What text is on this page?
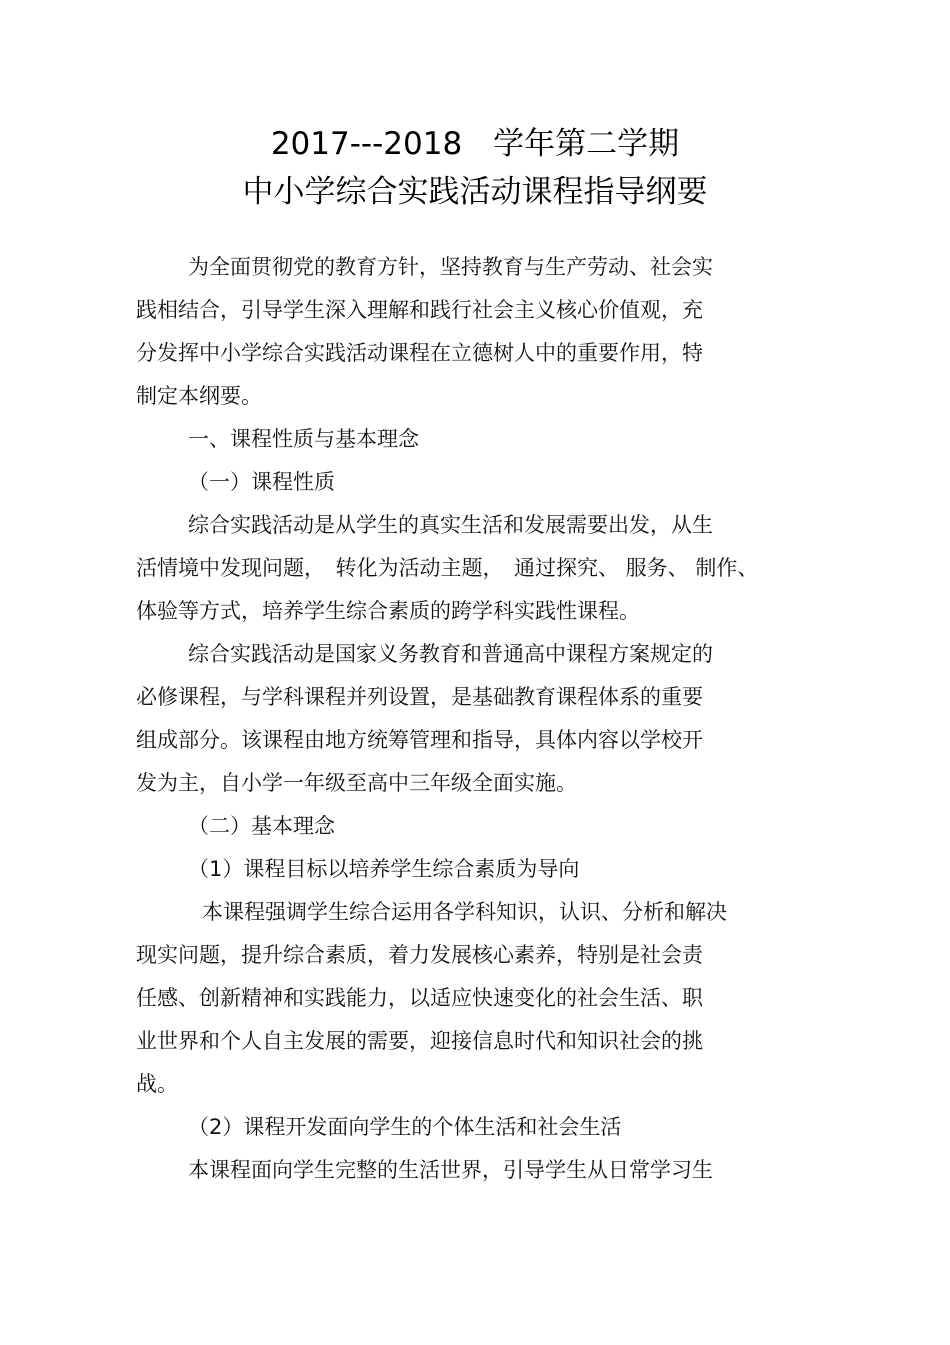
2017---2018　学年第二学期
中小学综合实践活动课程指导纲要
为全面贯彻党的教育方针，坚持教育与生产劳动、社会实
践相结合，引导学生深入理解和践行社会主义核心价值观，充
分发挥中小学综合实践活动课程在立德树人中的重要作用，特
制定本纲要。
一、课程性质与基本理念
（一）课程性质
综合实践活动是从学生的真实生活和发展需要出发，从生
活情境中发现问题，　转化为活动主题，　通过探究、 服务、 制作、
体验等方式，培养学生综合素质的跨学科实践性课程。
综合实践活动是国家义务教育和普通高中课程方案规定的
必修课程，与学科课程并列设置，是基础教育课程体系的重要
组成部分。该课程由地方统筹管理和指导，具体内容以学校开
发为主，自小学一年级至高中三年级全面实施。
（二）基本理念
（1）课程目标以培养学生综合素质为导向
本课程强调学生综合运用各学科知识，认识、分析和解决
现实问题，提升综合素质，着力发展核心素养，特别是社会责
任感、创新精神和实践能力，以适应快速变化的社会生活、职
业世界和个人自主发展的需要，迎接信息时代和知识社会的挑
战。
（2）课程开发面向学生的个体生活和社会生活
本课程面向学生完整的生活世界，引导学生从日常学习生
